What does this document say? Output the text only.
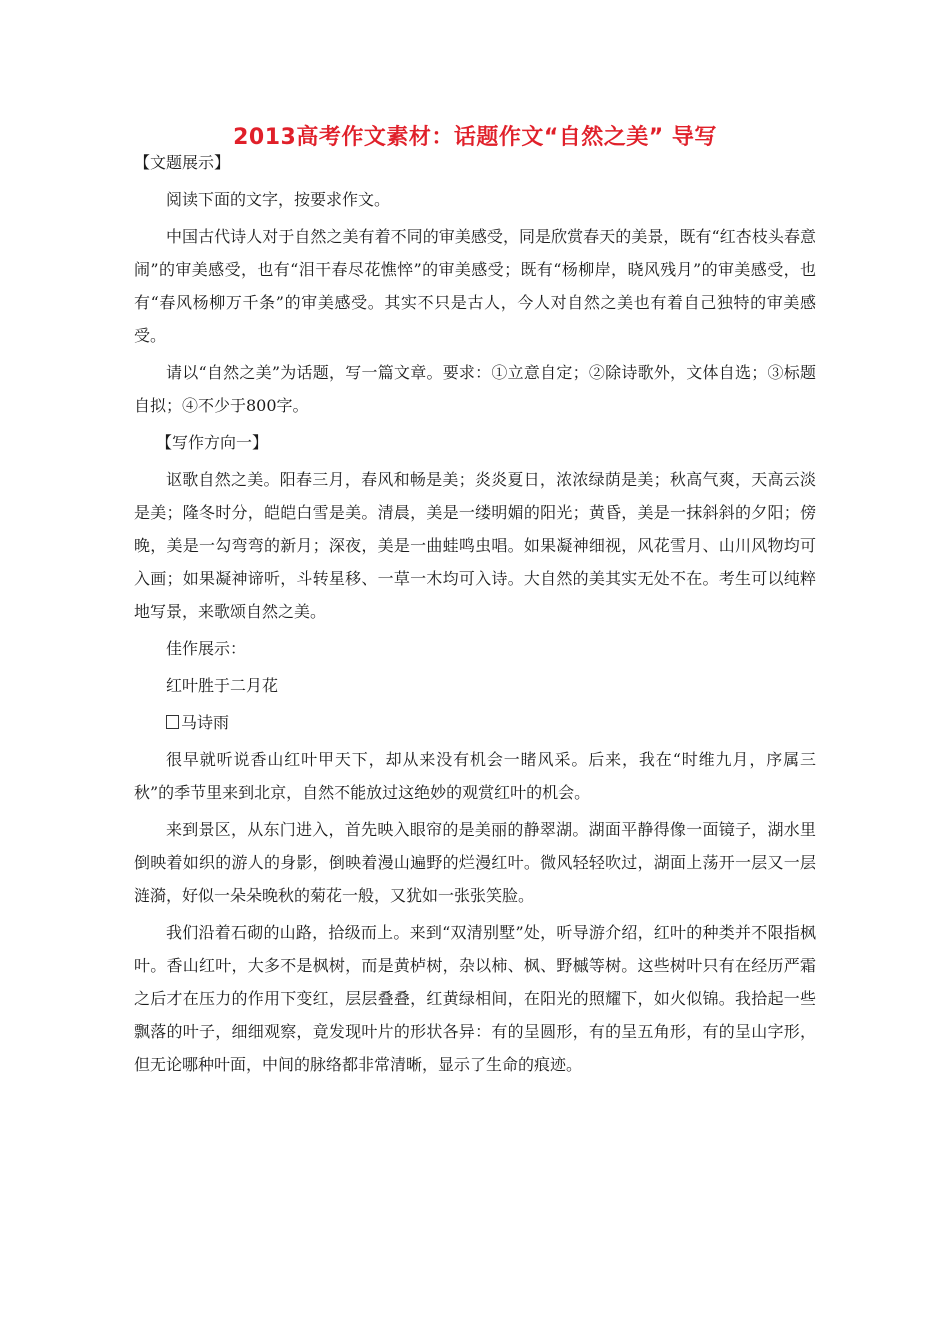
2013高考作文素材：话题作文“自然之美” 导写

【文题展示】

阅读下面的文字，按要求作文。

中国古代诗人对于自然之美有着不同的审美感受，同是欣赏春天的美景，既有“红杏枝头春意闹”的审美感受，也有“泪干春尽花憔悴”的审美感受；既有“杨柳岸，晓风残月”的审美感受，也有“春风杨柳万千条”的审美感受。其实不只是古人，今人对自然之美也有着自己独特的审美感受。

请以“自然之美”为话题，写一篇文章。要求：①立意自定；②除诗歌外，文体自选；③标题自拟；④不少于800字。

【写作方向一】

讴歌自然之美。阳春三月，春风和畅是美；炎炎夏日，浓浓绿荫是美；秋高气爽，天高云淡是美；隆冬时分，皑皑白雪是美。清晨，美是一缕明媚的阳光；黄昏，美是一抹斜斜的夕阳；傍晚，美是一勾弯弯的新月；深夜，美是一曲蛙鸣虫唱。如果凝神细视，风花雪月、山川风物均可入画；如果凝神谛听，斗转星移、一草一木均可入诗。大自然的美其实无处不在。考生可以纯粹地写景，来歌颂自然之美。

佳作展示：

红叶胜于二月花

马诗雨

很早就听说香山红叶甲天下，却从来没有机会一睹风采。后来，我在“时维九月，序属三秋”的季节里来到北京，自然不能放过这绝妙的观赏红叶的机会。

来到景区，从东门进入，首先映入眼帘的是美丽的静翠湖。湖面平静得像一面镜子，湖水里倒映着如织的游人的身影，倒映着漫山遍野的烂漫红叶。微风轻轻吹过，湖面上荡开一层又一层涟漪，好似一朵朵晚秋的菊花一般，又犹如一张张笑脸。

我们沿着石砌的山路，拾级而上。来到“双清别墅”处，听导游介绍，红叶的种类并不限指枫叶。香山红叶，大多不是枫树，而是黄栌树，杂以柿、枫、野槭等树。这些树叶只有在经历严霜之后才在压力的作用下变红，层层叠叠，红黄绿相间，在阳光的照耀下，如火似锦。我拾起一些飘落的叶子，细细观察，竟发现叶片的形状各异：有的呈圆形，有的呈五角形，有的呈山字形，但无论哪种叶面，中间的脉络都非常清晰，显示了生命的痕迹。
